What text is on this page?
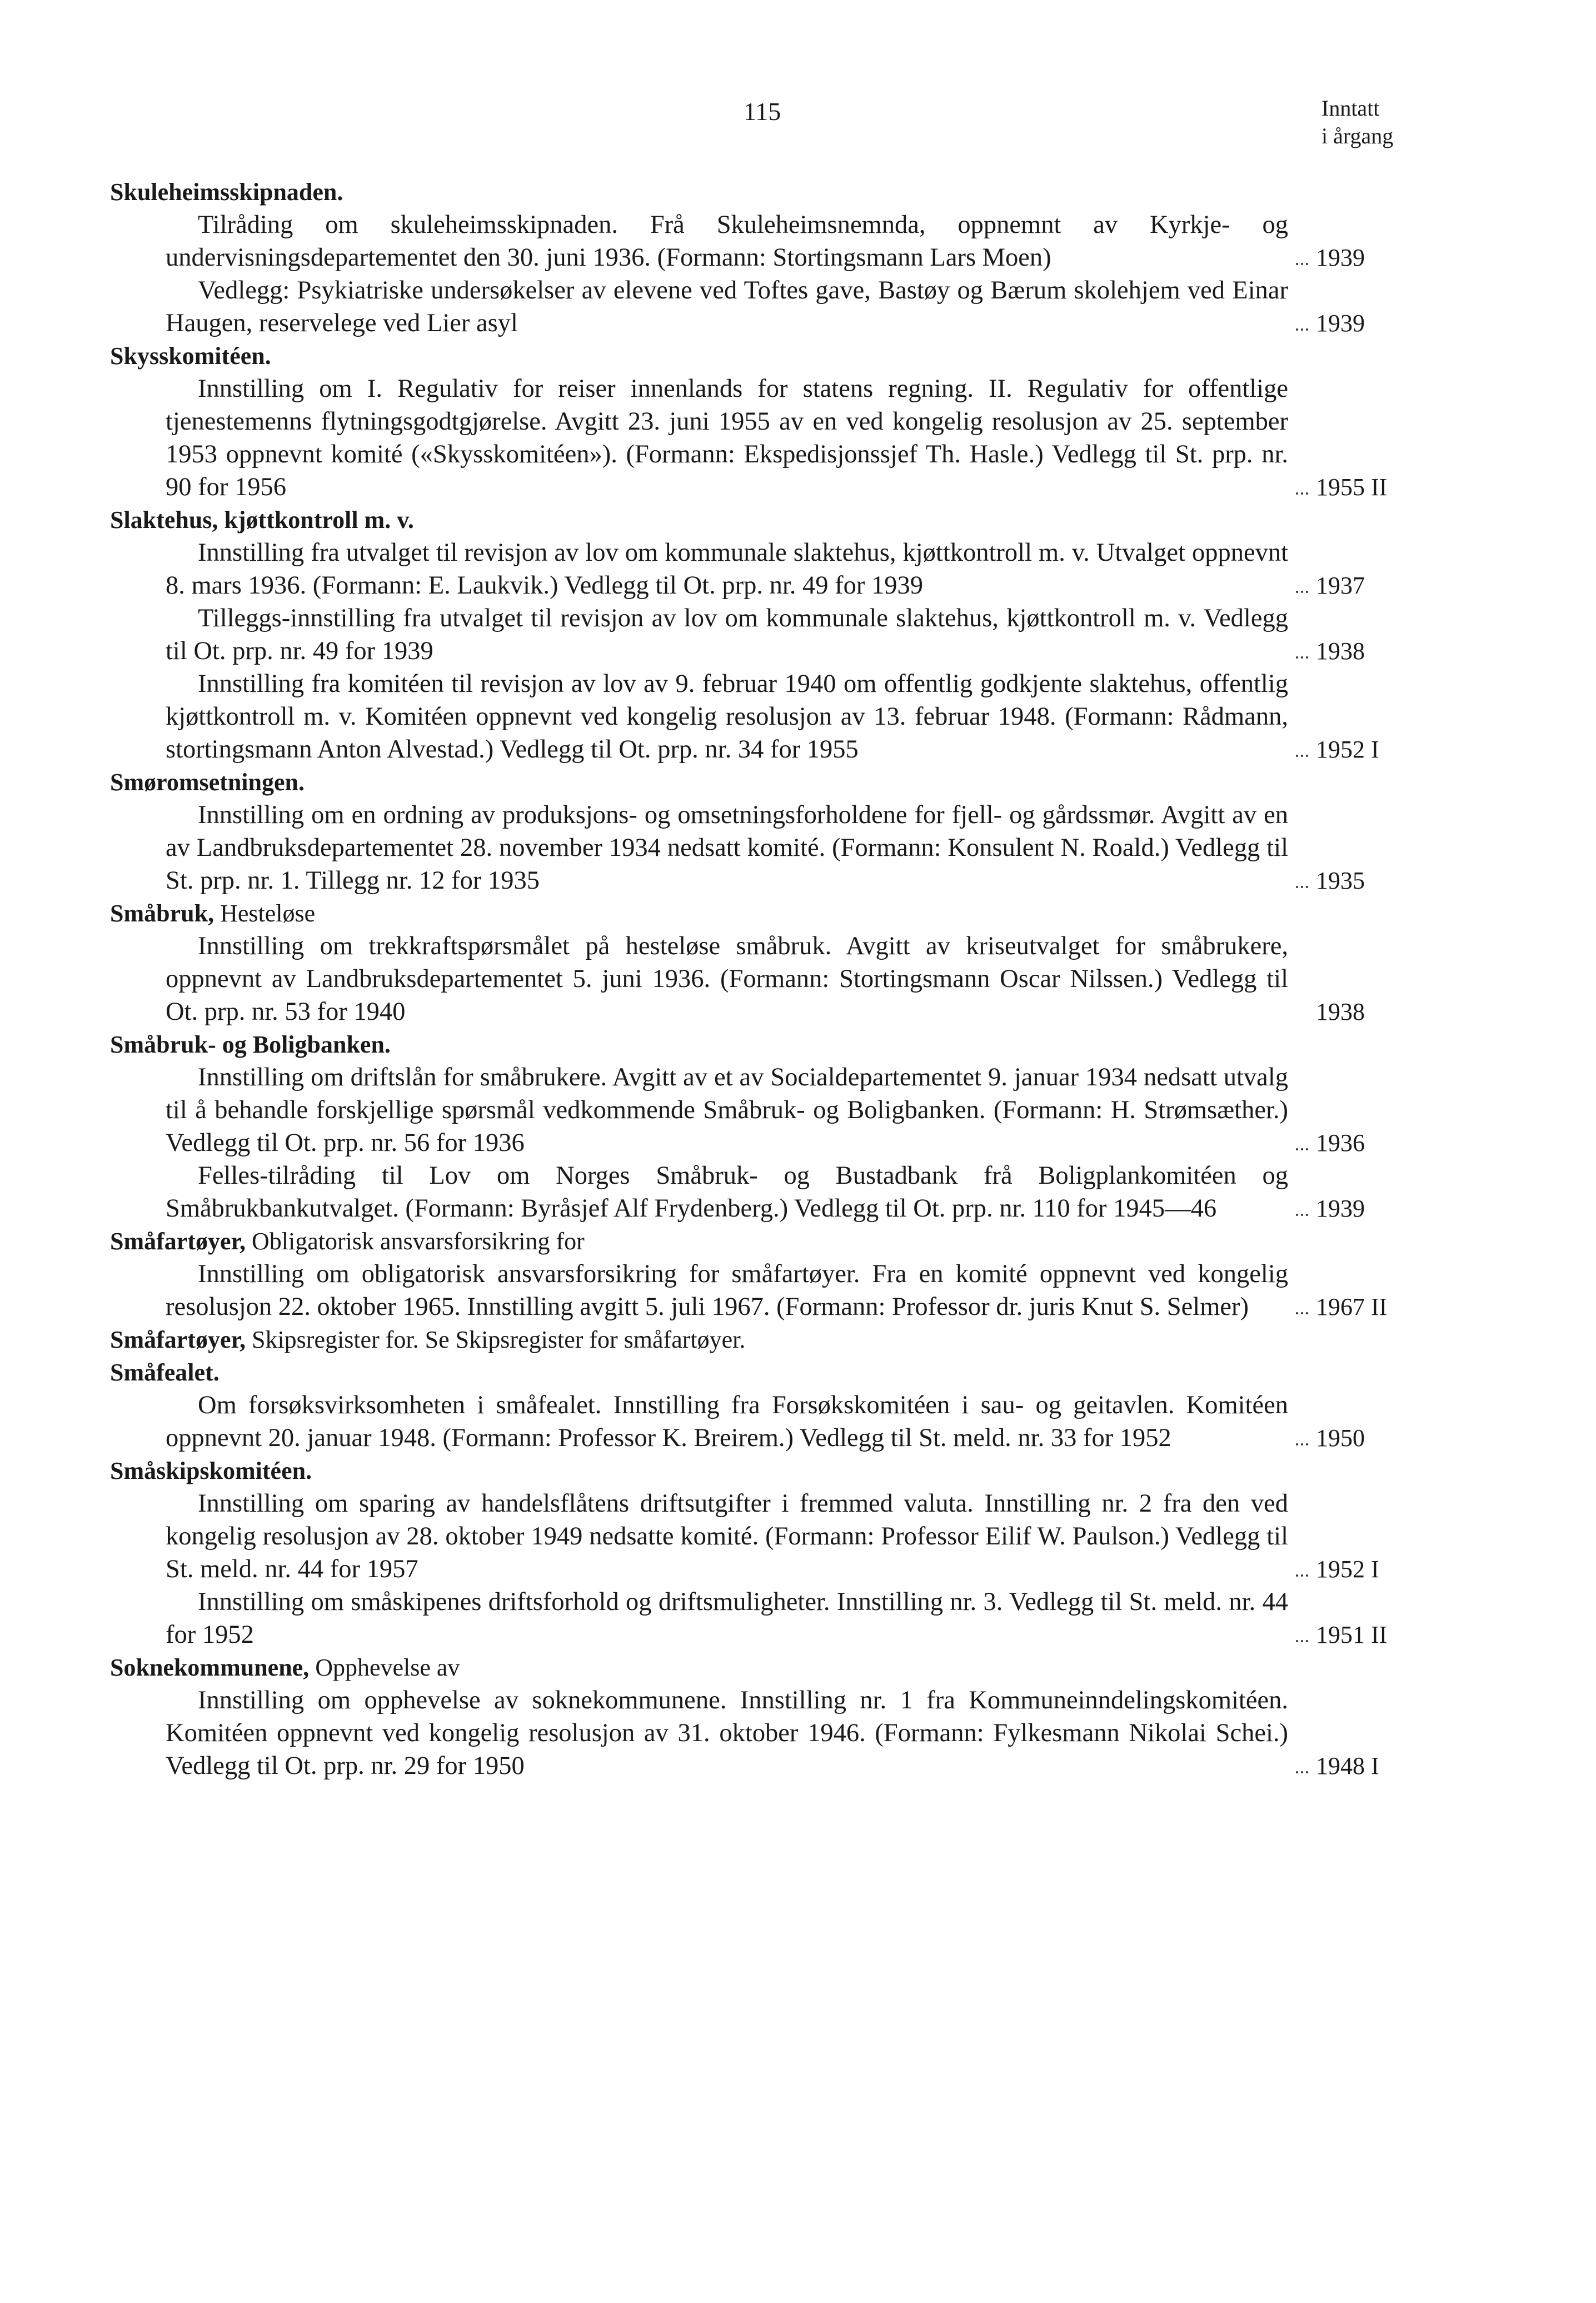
115	Inntatt
i årgang
Skuleheimsskipnaden.
Tilråding om skuleheimsskipnaden. Frå Skuleheimsnemnda, oppnemnt av Kyrkje- og undervisningsdepartementet den 30. juni 1936. (Formann: Stortingsmann Lars Moen)	1939
Vedlegg: Psykiatriske undersøkelser av elevene ved Toftes gave, Bastøy og Bærum skolehjem ved Einar Haugen, reservelege ved Lier asyl	1939
Skysskomitéen.
Innstilling om I. Regulativ for reiser innenlands for statens regning. II. Regulativ for offentlige tjenestemenns flytningsgodtgjørelse. Avgitt 23. juni 1955 av en ved kongelig resolusjon av 25. september 1953 oppnevnt komité («Skysskomitéen»). (Formann: Ekspedisjonssjef Th. Hasle.) Vedlegg til St. prp. nr. 90 for 1956	1955 II
Slaktehus, kjøttkontroll m. v.
Innstilling fra utvalget til revisjon av lov om kommunale slaktehus, kjøttkontroll m. v. Utvalget oppnevnt 8. mars 1936. (Formann: E. Laukvik.) Vedlegg til Ot. prp. nr. 49 for 1939	1937
Tilleggs-innstilling fra utvalget til revisjon av lov om kommunale slaktehus, kjøttkontroll m. v. Vedlegg til Ot. prp. nr. 49 for 1939	1938
Innstilling fra komitéen til revisjon av lov av 9. februar 1940 om offentlig godkjente slaktehus, offentlig kjøttkontroll m. v. Komitéen oppnevnt ved kongelig resolusjon av 13. februar 1948. (Formann: Rådmann, stortingsmann Anton Alvestad.) Vedlegg til Ot. prp. nr. 34 for 1955	1952 I
Smøromsetningen.
Innstilling om en ordning av produksjons- og omsetningsforholdene for fjell- og gårdssmør. Avgitt av en av Landbruksdepartementet 28. november 1934 nedsatt komité. (Formann: Konsulent N. Roald.) Vedlegg til St. prp. nr. 1. Tillegg nr. 12 for 1935	1935
Småbruk, Hesteløse
Innstilling om trekkraftspørsmålet på hesteløse småbruk. Avgitt av kriseutvalget for småbrukere, oppnevnt av Landbruksdepartementet 5. juni 1936. (Formann: Stortingsmann Oscar Nilssen.) Vedlegg til Ot. prp. nr. 53 for 1940	1938
Småbruk- og Boligbanken.
Innstilling om driftslån for småbrukere. Avgitt av et av Socialdepartementet 9. januar 1934 nedsatt utvalg til å behandle forskjellige spørsmål vedkommende Småbruk- og Boligbanken. (Formann: H. Strømsæther.) Vedlegg til Ot. prp. nr. 56 for 1936	1936
Felles-tilråding til Lov om Norges Småbruk- og Bustadbank frå Boligplankomitéen og Småbrukbankutvalget. (Formann: Byråsjef Alf Frydenberg.) Vedlegg til Ot. prp. nr. 110 for 1945—46	1939
Småfartøyer, Obligatorisk ansvarsforsikring for
Innstilling om obligatorisk ansvarsforsikring for småfartøyer. Fra en komité oppnevnt ved kongelig resolusjon 22. oktober 1965. Innstilling avgitt 5. juli 1967. (Formann: Professor dr. juris Knut S. Selmer)	1967 II
Småfartøyer, Skipsregister for. Se Skipsregister for småfartøyer.
Småfealet.
Om forsøksvirksomheten i småfealet. Innstilling fra Forsøkskomitéen i sau- og geitavlen. Komitéen oppnevnt 20. januar 1948. (Formann: Professor K. Breirem.) Vedlegg til St. meld. nr. 33 for 1952	1950
Småskipskomitéen.
Innstilling om sparing av handelsflåtens driftsutgifter i fremmed valuta. Innstilling nr. 2 fra den ved kongelig resolusjon av 28. oktober 1949 nedsatte komité. (Formann: Professor Eilif W. Paulson.) Vedlegg til St. meld. nr. 44 for 1957	1952 I
Innstilling om småskipenes driftsforhold og driftsmuligheter. Innstilling nr. 3. Vedlegg til St. meld. nr. 44 for 1952	1951 II
Soknekommunene, Opphevelse av
Innstilling om opphevelse av soknekommunene. Innstilling nr. 1 fra Kommuneinndelingskomitéen. Komitéen oppnevnt ved kongelig resolusjon av 31. oktober 1946. (Formann: Fylkesmann Nikolai Schei.) Vedlegg til Ot. prp. nr. 29 for 1950	1948 I
